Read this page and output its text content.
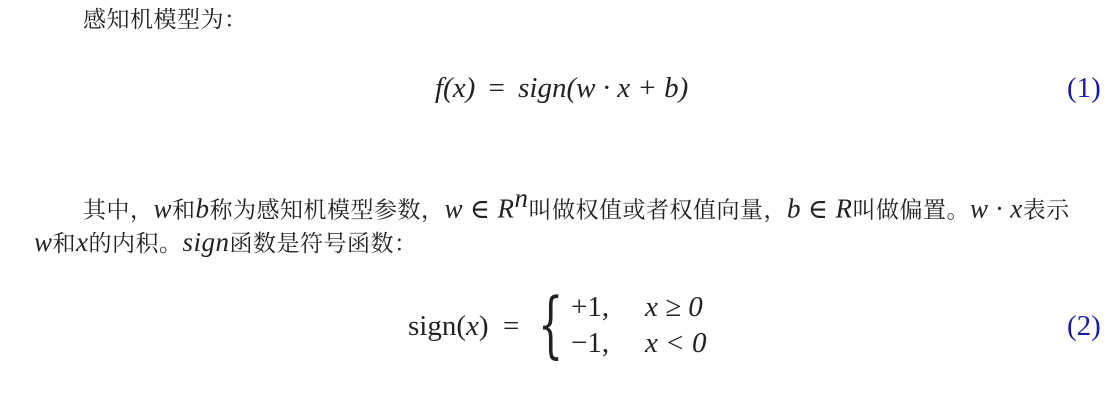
感知机模型为：
f(x) = sign(w · x + b)	(1)
其中，w和b称为感知机模型参数，w ∈ $R^n$叫做权值或者权值向量，b ∈ R叫做偏置。w · x表示
w和x的内积。sign函数是符号函数：
sign(x) = { +1, x ≥ 0
−1, x < 0
(2)
